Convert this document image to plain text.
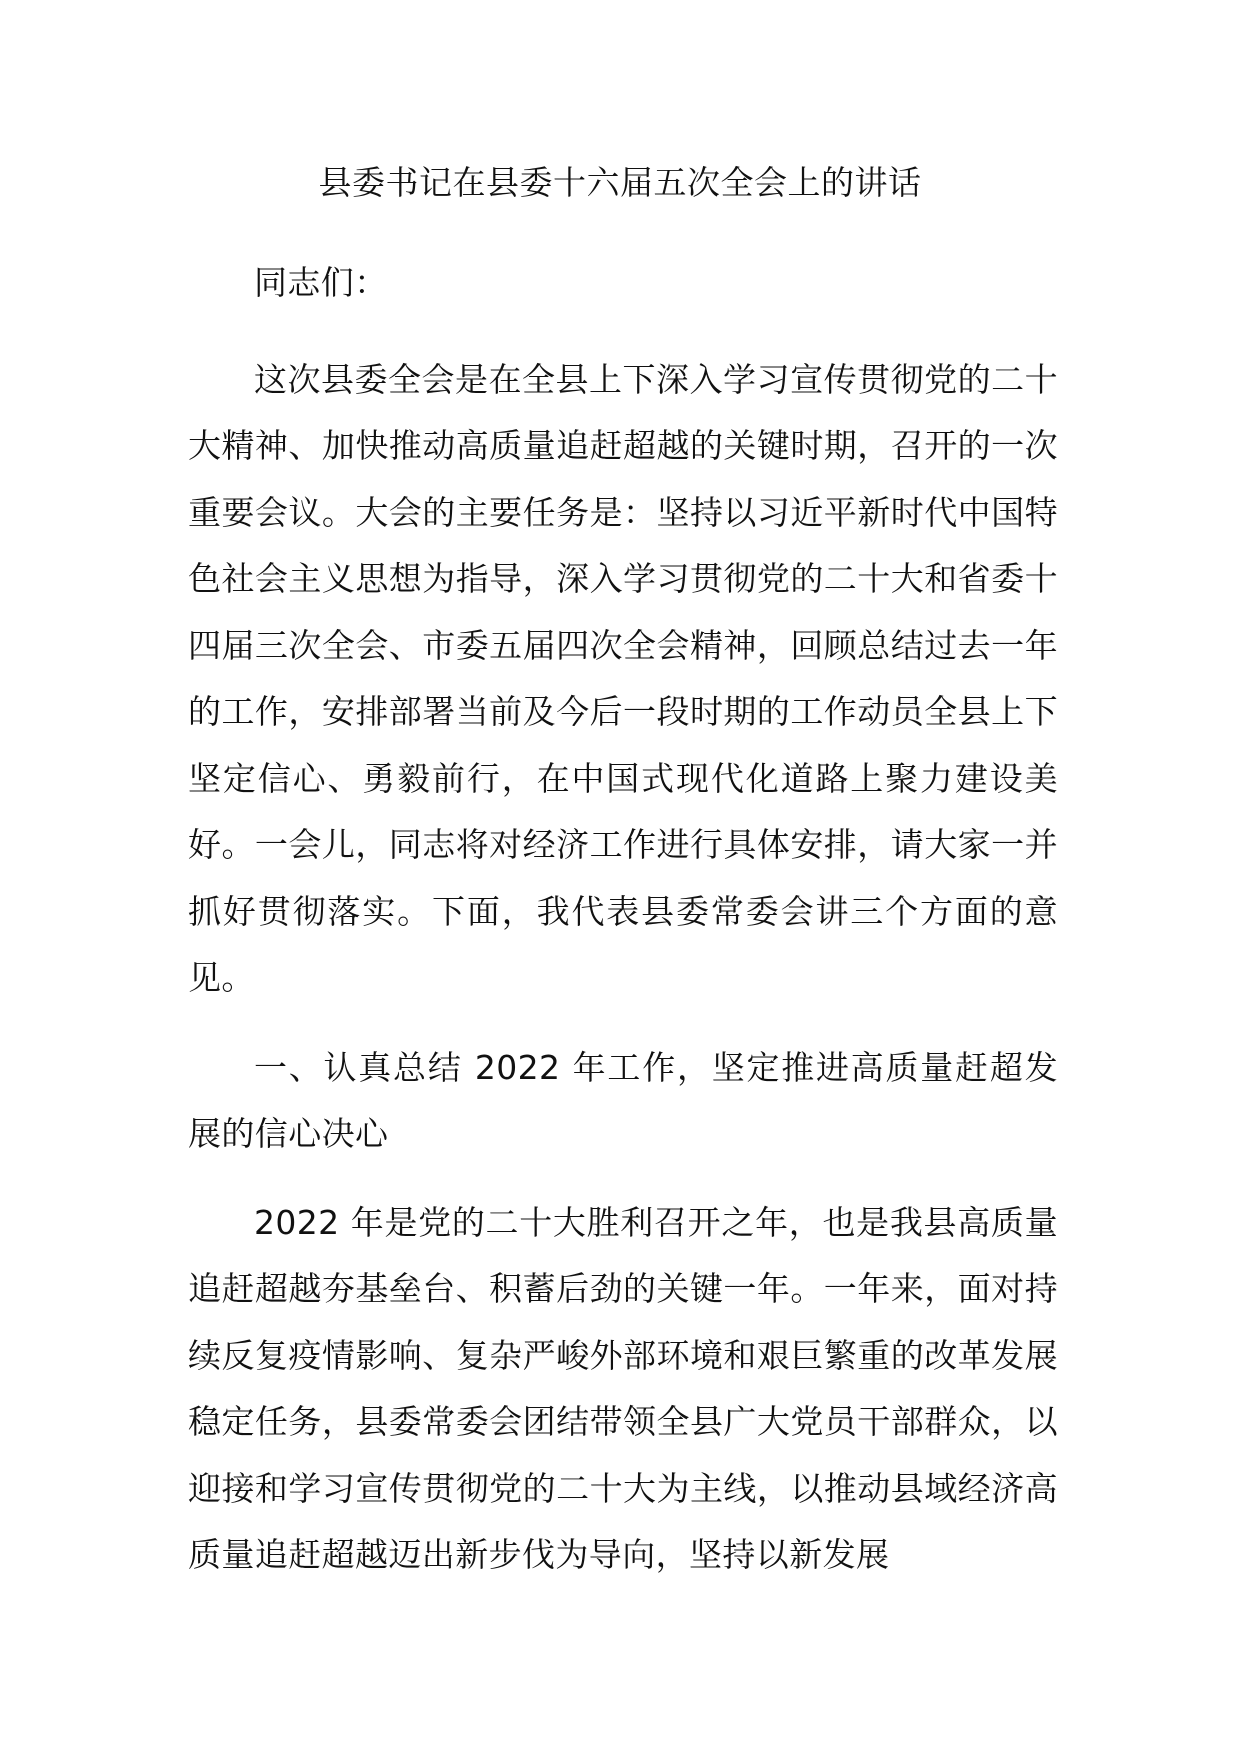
县委书记在县委十六届五次全会上的讲话

同志们：

这次县委全会是在全县上下深入学习宣传贯彻党的二十大精神、加快推动高质量追赶超越的关键时期，召开的一次重要会议。大会的主要任务是：坚持以习近平新时代中国特色社会主义思想为指导，深入学习贯彻党的二十大和省委十四届三次全会、市委五届四次全会精神，回顾总结过去一年的工作，安排部署当前及今后一段时期的工作动员全县上下坚定信心、勇毅前行，在中国式现代化道路上聚力建设美好。一会儿，同志将对经济工作进行具体安排，请大家一并抓好贯彻落实。下面，我代表县委常委会讲三个方面的意见。

一、认真总结 2022 年工作，坚定推进高质量赶超发展的信心决心

2022 年是党的二十大胜利召开之年，也是我县高质量追赶超越夯基垒台、积蓄后劲的关键一年。一年来，面对持续反复疫情影响、复杂严峻外部环境和艰巨繁重的改革发展稳定任务，县委常委会团结带领全县广大党员干部群众，以迎接和学习宣传贯彻党的二十大为主线，以推动县域经济高质量追赶超越迈出新步伐为导向，坚持以新发展
